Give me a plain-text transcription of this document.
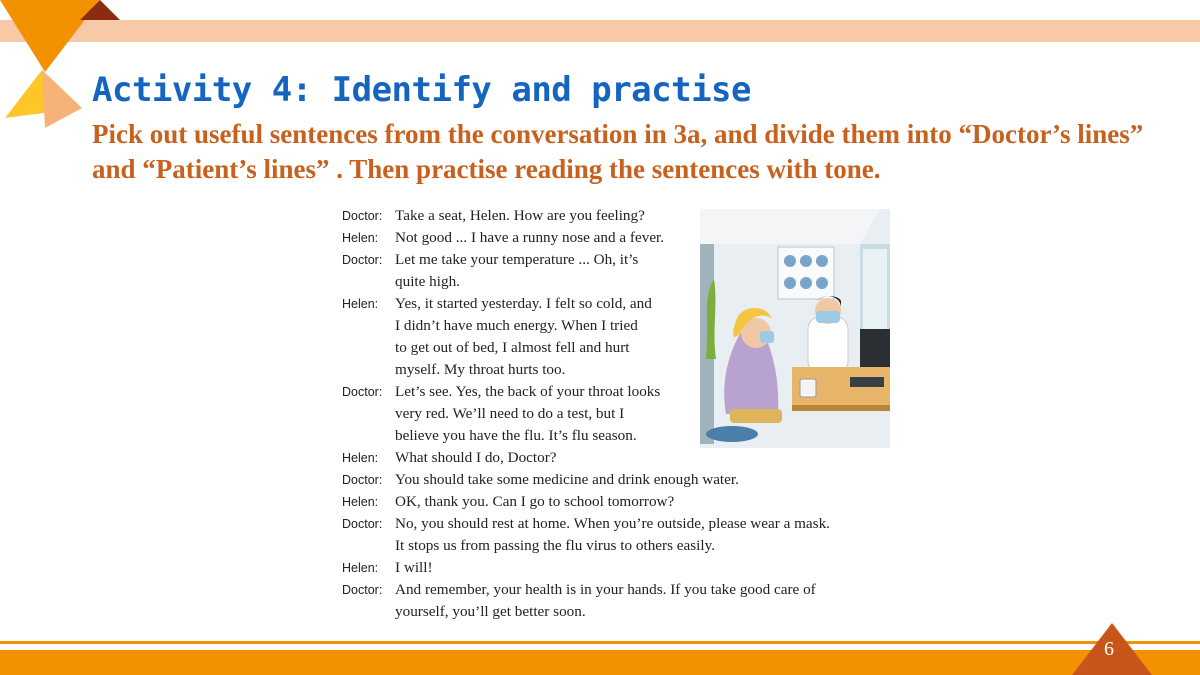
Activity 4: Identify and practise
Pick out useful sentences from the conversation in 3a, and divide them into “Doctor’s lines” and “Patient’s lines” . Then practise reading the sentences with tone.
Doctor: Take a seat, Helen. How are you feeling?
Helen: Not good ... I have a runny nose and a fever.
Doctor: Let me take your temperature ... Oh, it’s
quite high.
Helen: Yes, it started yesterday. I felt so cold, and
I didn’t have much energy. When I tried
to get out of bed, I almost fell and hurt
myself. My throat hurts too.
Doctor: Let’s see. Yes, the back of your throat looks
very red. We’ll need to do a test, but I
believe you have the flu. It’s flu season.
Helen: What should I do, Doctor?
Doctor: You should take some medicine and drink enough water.
Helen: OK, thank you. Can I go to school tomorrow?
Doctor: No, you should rest at home. When you’re outside, please wear a mask.
It stops us from passing the flu virus to others easily.
Helen: I will!
Doctor: And remember, your health is in your hands. If you take good care of
yourself, you’ll get better soon.
6
